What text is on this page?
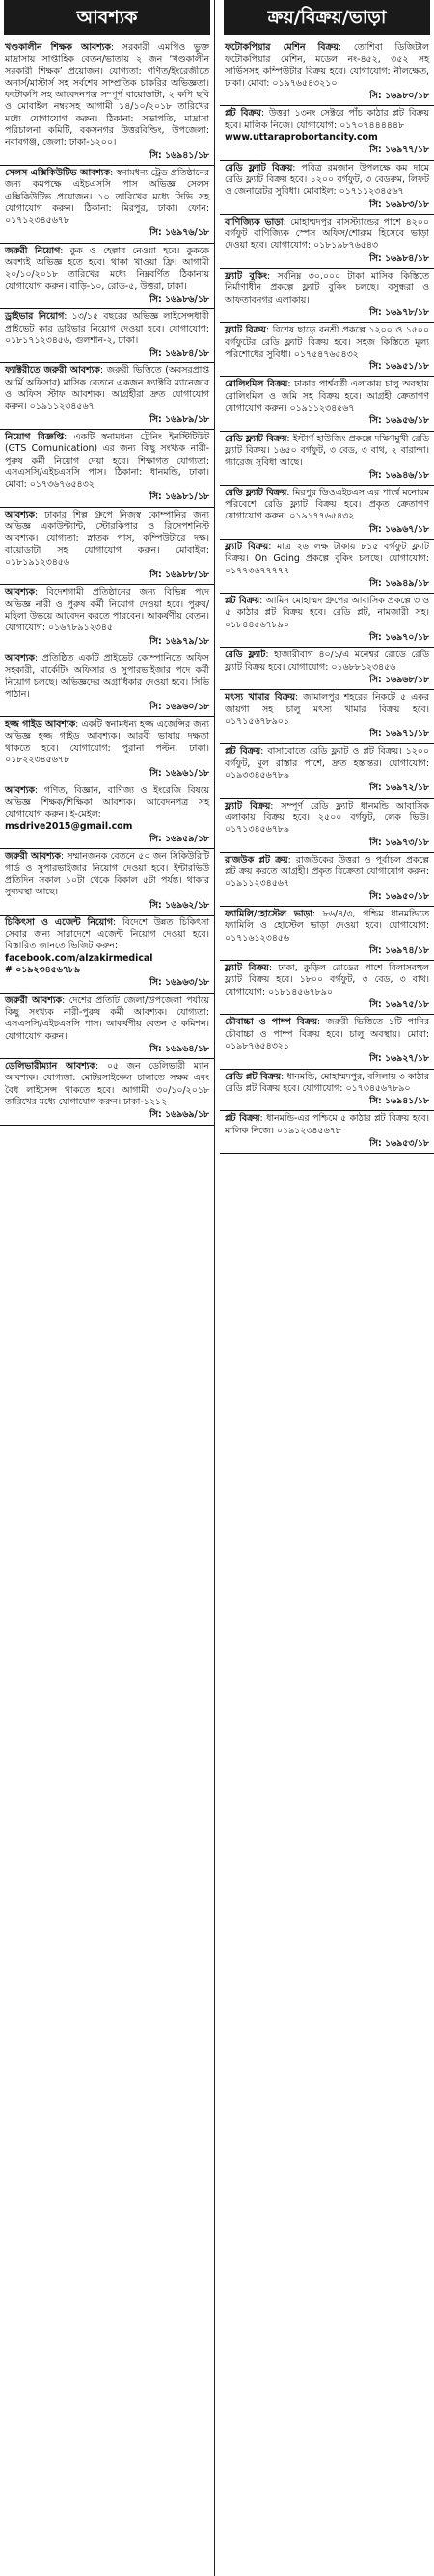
আবশ্যক
খণ্ডকালীন শিক্ষক আবশ্যক: সরকারী এমপিও ভুক্ত মাদ্রাসায় সাপ্তাহিক বেতন/ভাতায় ২ জন ‘খণ্ডকালীন সরকারী শিক্ষক’ প্রয়োজন। যোগ্যতা: গণিত/ইংরেজীতে অনার্স/মাস্টার্স সহ সর্বশেষ সাম্প্রতিক চাকরির অভিজ্ঞতা। ফটোকপি সহ আবেদনপত্র সম্পূর্ণ বায়োডাটা, ২ কপি ছবি ও মোবাইল নম্বরসহ আগামী ১৪/১০/২০১৮ তারিখের মধ্যে যোগাযোগ করুন। ঠিকানা: সভাপতি, মাদ্রাসা পরিচালনা কমিটি, বকসনগর উত্তরবিল্ডিং, উপজেলা: নবাবগঞ্জ, জেলা: ঢাকা-১২০০।
সি: ১৬৯৪১/১৮
সেলস এক্সিকিউটিভ আবশ্যক: স্বনামধন্য ট্রেড প্রতিষ্ঠানের জন্য কমপক্ষে এইচএসসি পাস অভিজ্ঞ সেলস এক্সিকিউটিভ প্রয়োজন। ১০ তারিখের মধ্যে সিভি সহ যোগাযোগ করুন। ঠিকানা: মিরপুর, ঢাকা। ফোন: ০১৭১২৩৪৫৬৭৮
সি: ১৬৯৭৬/১৮
জরুরী নিয়োগ: কুক ও হেল্পার নেওয়া হবে। কুককে অবশ্যই অভিজ্ঞ হতে হবে। থাকা খাওয়া ফ্রি। আগামী ২০/১০/২০১৮ তারিখের মধ্যে নিম্নবর্ণিত ঠিকানায় যোগাযোগ করুন। বাড়ি-১০, রোড-৫, উত্তরা, ঢাকা।
সি: ১৬৯৮৬/১৮
ড্রাইভার নিয়োগ: ১৩/১৫ বছরের অভিজ্ঞ লাইসেন্সধারী প্রাইভেট কার ড্রাইভার নিয়োগ দেওয়া হবে। যোগাযোগ: ০১৮১৭১২৩৪৫৬, গুলশান-২, ঢাকা।
সি: ১৬৯৮৪/১৮
ফ্যাক্টরীতে জরুরী আবশ্যক: জরুরী ভিত্তিতে (অবসরপ্রাপ্ত আর্মি অফিসার) মাসিক বেতনে একজন ফ্যাক্টরি ম্যানেজার ও অফিস স্টাফ আবশ্যক। আগ্রহীরা দ্রুত যোগাযোগ করুন। ০১৯১১২৩৪৫৬৭
সি: ১৬৯৮৯/১৮
নিয়োগ বিজ্ঞপ্তি: একটি স্বনামধন্য ট্রেনিং ইনস্টিটিউট (GTS Comunication) এর জন্য কিছু সংখ্যক নারী-পুরুষ কর্মী নিয়োগ দেয়া হবে। শিক্ষাগত যোগ্যতা: এসএসসি/এইচএসসি পাস। ঠিকানা: ধানমন্ডি, ঢাকা। মোবা: ০১৭৩৬৭৬৫৪৩২
সি: ১৬৯৮১/১৮
আবশ্যক: ঢাকার শিল্প গ্রুপে নিজস্ব কোম্পানির জন্য অভিজ্ঞ একাউন্ট্যান্ট, স্টোরকিপার ও রিসেপশনিস্ট আবশ্যক। যোগ্যতা: স্নাতক পাস, কম্পিউটারে দক্ষ। বায়োডাটা সহ যোগাযোগ করুন। মোবাইল: ০১৮১৯১২৩৪৫৬
সি: ১৬৯৮৮/১৮
আবশ্যক: বিদেশগামী প্রতিষ্ঠানের জন্য বিভিন্ন পদে অভিজ্ঞ নারী ও পুরুষ কর্মী নিয়োগ দেওয়া হবে। পুরুষ/মহিলা উভয়ে আবেদন করতে পারবেন। আকর্ষণীয় বেতন। যোগাযোগ: ০১৬৭৮৯১২৩৪৫
সি: ১৬৯৭৯/১৮
আবশ্যক: প্রতিষ্ঠিত একটি প্রাইভেট কোম্পানিতে অফিস সহকারী, মার্কেটিং অফিসার ও সুপারভাইজার পদে কর্মী নিয়োগ চলছে। অভিজ্ঞদের অগ্রাধিকার দেওয়া হবে। সিভি পাঠান।
সি: ১৬৯৬০/১৮
হজ্জ গাইড আবশ্যক: একটি স্বনামধন্য হজ্জ এজেন্সির জন্য অভিজ্ঞ হজ্জ গাইড আবশ্যক। আরবী ভাষায় দক্ষতা থাকতে হবে। যোগাযোগ: পুরানা পল্টন, ঢাকা। ০১৮২২৩৪৫৬৭৮
সি: ১৬৯৬১/১৮
আবশ্যক: গণিত, বিজ্ঞান, বাণিজ্য ও ইংরেজি বিষয়ে অভিজ্ঞ শিক্ষক/শিক্ষিকা আবশ্যক। আবেদনপত্র সহ যোগাযোগ করুন। ই-মেইল:
msdrive2015@gmail.com
সি: ১৬৯৫৯/১৮
জরুরী আবশ্যক: সম্মানজনক বেতনে ৫০ জন সিকিউরিটি গার্ড ও সুপারভাইজার নিয়োগ দেওয়া হবে। ইন্টারভিউ প্রতিদিন সকাল ১০টা থেকে বিকাল ৫টা পর্যন্ত। থাকার সুব্যবস্থা আছে।
সি: ১৬৯৬২/১৮
চিকিৎসা ও এজেন্ট নিয়োগ: বিদেশে উন্নত চিকিৎসা সেবার জন্য সারাদেশে এজেন্ট নিয়োগ দেওয়া হবে। বিস্তারিত জানতে ভিজিট করুন:
facebook.com/alzakirmedical
# ০১৯২৩৪৫৬৭৮৯
সি: ১৬৯৬৩/১৮
জরুরী আবশ্যক: দেশের প্রতিটি জেলা/উপজেলা পর্যায়ে কিছু সংখ্যক নারী-পুরুষ কর্মী আবশ্যক। যোগ্যতা: এসএসসি/এইচএসসি পাস। আকর্ষণীয় বেতন ও কমিশন। যোগাযোগ করুন।
সি: ১৬৯৬৪/১৮
ডেলিভারীম্যান আবশ্যক: ০৫ জন ডেলিভারী ম্যান আবশ্যক। যোগ্যতা: মোটরসাইকেল চালাতে সক্ষম এবং বৈধ লাইসেন্স থাকতে হবে। আগামী ৩০/১০/২০১৮ তারিখের মধ্যে যোগাযোগ করুন। ঢাকা-১২১২
সি: ১৬৯৬৯/১৮
ক্রয়/বিক্রয়/ভাড়া
ফটোকপিয়ার মেশিন বিক্রয়: তোশিবা ডিজিটাল ফটোকপিয়ার মেশিন, মডেল নং-৪৫২, ৩৫২ সহ সার্ভিসসহ কম্পিউটার বিক্রয় হবে। যোগাযোগ: নীলক্ষেত, ঢাকা। মোবা: ০১৯৭৬৫৪৩২১০
সি: ১৬৯৮০/১৮
প্লট বিক্রয়: উত্তরা ১৩নং সেক্টরে পাঁচ কাঠার প্লট বিক্রয় হবে। মালিক নিজে। যোগাযোগ: ০১৭০৭৪৪৪৪৪৮
www.uttaraprobortancity.com
সি: ১৬৯৭৭/১৮
রেডি ফ্ল্যাট বিক্রয়: পবিত্র রমজান উপলক্ষে কম দামে রেডি ফ্ল্যাট বিক্রয় হবে। ১২০০ বর্গফুট, ৩ বেডরুম, লিফট ও জেনারেটর সুবিধা। মোবাইল: ০১৭১১২৩৪৫৬৭
সি: ১৬৯৮৩/১৮
বাণিজ্যিক ভাড়া: মোহাম্মদপুর বাসস্ট্যান্ডের পাশে ৪২০০ বর্গফুট বাণিজ্যিক স্পেস অফিস/শোরুম হিসেবে ভাড়া দেওয়া হবে। যোগাযোগ: ০১৮১৯৮৭৬৫৪৩
সি: ১৬৯৮৪/১৮
ফ্ল্যাট বুকিং: সর্বনিম্ন ৩০,০০০ টাকা মাসিক কিস্তিতে নির্মাণাধীন প্রকল্পে ফ্ল্যাট বুকিং চলছে। বসুন্ধরা ও আফতাবনগর এলাকায়।
সি: ১৬৯৭৮/১৮
ফ্ল্যাট বিক্রয়: বিশেষ ছাড়ে বনশ্রী প্রকল্পে ১২০০ ও ১৫০০ বর্গফুটের রেডি ফ্ল্যাট বিক্রয় হবে। সহজ কিস্তিতে মূল্য পরিশোধের সুবিধা। ০১৭৫৪৭৬৫৪৩২
সি: ১৬৯৫১/১৮
রোলিংমিল বিক্রয়: ঢাকার পার্শ্ববর্তী এলাকায় চালু অবস্থায় রোলিংমিল ও জমি সহ বিক্রয় হবে। আগ্রহী ক্রেতাগণ যোগাযোগ করুন। ০১৯১১২৩৪৫৬৭
সি: ১৬৯৫৬/১৮
রেডি ফ্ল্যাট বিক্রয়: ইস্টার্ণ হাউজিং প্রকল্পে দক্ষিণমুখী রেডি ফ্ল্যাট বিক্রয়। ১৬৫০ বর্গফুট, ৩ বেড, ৩ বাথ, ২ বারান্দা। গ্যারেজ সুবিধা আছে।
সি: ১৬৯৪৬/১৮
রেডি ফ্ল্যাট বিক্রয়: মিরপুর ডিওএইচএস এর পার্শ্বে মনোরম পরিবেশে রেডি ফ্ল্যাট বিক্রয় হবে। প্রকৃত ক্রেতাগণ যোগাযোগ করুন: ০১৯১৭৭৬৫৪৩২
সি: ১৬৯৬৭/১৮
ফ্ল্যাট বিক্রয়: মাত্র ২৬ লক্ষ টাকায় ৮১৫ বর্গফুট ফ্ল্যাট বিক্রয়। On Going প্রকল্পে বুকিং চলছে। যোগাযোগ: ০১৭৭৩৬৭৭৭৭৭
সি: ১৬৯৪৯/১৮
প্লট বিক্রয়: আমিন মোহাম্মদ গ্রুপের আবাসিক প্রকল্পে ৩ ও ৫ কাঠার প্লট বিক্রয় হবে। রেডি প্লট, নামজারী সহ। ০১৮৪৪৫৬৭৮৯০
সি: ১৬৯৭০/১৮
রেডি ফ্ল্যাট: হাজারীবাগ ৪০/১/এ মনেশ্বর রোডে রেডি ফ্ল্যাট বিক্রয় হবে। যোগাযোগ: ০১৬৮৮১২৩৪৫৬
সি: ১৬৯৬৮/১৮
মৎস্য খামার বিক্রয়: জামালপুর শহরের নিকটে ৫ একর জায়গা সহ চালু মৎস্য খামার বিক্রয় হবে। ০১৭১৫৬৭৮৯০১
সি: ১৬৯৭১/১৮
প্লট বিক্রয়: বাসাবোতে রেডি ফ্ল্যাট ও প্লট বিক্রয়। ১২০০ বর্গফুট, মূল রাস্তার পাশে, দ্রুত হস্তান্তর। যোগাযোগ: ০১৯৩৩৪৫৬৭৮৯
সি: ১৬৯৭২/১৮
ফ্ল্যাট বিক্রয়: সম্পূর্ণ রেডি ফ্ল্যাট ধানমন্ডি আবাসিক এলাকায় বিক্রয় হবে। ২৫০০ বর্গফুট, লেক ভিউ। ০১৭১৩৪৫৬৭৮৯
সি: ১৬৯৭৩/১৮
রাজউক প্লট ক্রয়: রাজউকের উত্তরা ও পূর্বাচল প্রকল্পে প্লট ক্রয় করতে আগ্রহী। প্রকৃত বিক্রেতা যোগাযোগ করুন: ০১৯১১২৩৪৫৬৭
সি: ১৬৯৫০/১৮
ফ্যামিলি/হোস্টেল ভাড়া: ৮৬/৪/৩, পশ্চিম ধানমন্ডিতে ফ্যামিলি ও হোস্টেল ভাড়া দেওয়া হবে। যোগাযোগ: ০১৭১৬১২৩৪৫৬
সি: ১৬৯৭৪/১৮
ফ্ল্যাট বিক্রয়: ঢাকা, কুড়িল রোডের পাশে বিলাসবহুল ফ্ল্যাট বিক্রয় হবে। ১৮০০ বর্গফুট, ৩ বেড, ৩ বাথ। যোগাযোগ: ০১৮১৪৫৬৭৮৯০
সি: ১৬৯৭৫/১৮
চৌবাচ্চা ও পাম্প বিক্রয়: জরুরী ভিত্তিতে ১টি পানির চৌবাচ্চা ও পাম্প বিক্রয় হবে। চালু অবস্থায়। মোবা: ০১৯৮৭৬৫৪৩২১
সি: ১৬৯২৭/১৮
রেডি প্লট বিক্রয়: ধানমন্ডি, মোহাম্মদপুর, বসিলায় ৩ কাঠার রেডি প্লট বিক্রয় হবে। যোগাযোগ: ০১৭৩৪৫৬৭৮৯০
সি: ১৬৯৪১/১৮
প্লট বিক্রয়: ধানমন্ডি-এর পশ্চিমে ৫ কাঠার প্লট বিক্রয় হবে। মালিক নিজে। ০১৯১২৩৪৫৬৭৮
সি: ১৬৯৫৩/১৮
